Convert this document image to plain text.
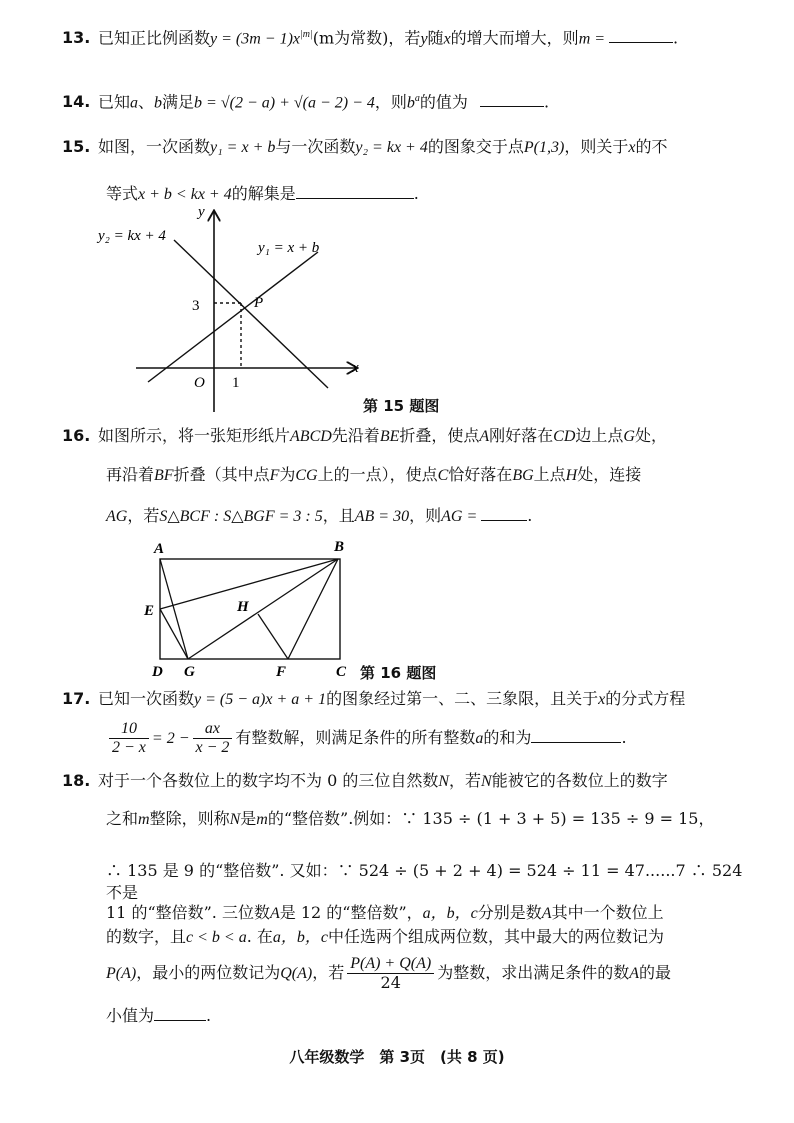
13. 已知正比例函数$y = (3m - 1)x^{|m|}(m$为常数)，若y随x的增大而增大，则m =	.
14. 已知a、b满足b = √(2 − a) + √(a − 2) − 4，则$b^a$的值为	.
15. 如图，一次函数y₁ = x + b与一次函数y₂ = kx + 4的图象交于点P(1,3)，则关于x的不
等式x + b < kx + 4的解集是	.
y
x
y₂ = kx + 4
y₁ = x + b
P
O
3
1
第 15 题图
16. 如图所示，将一张矩形纸片ABCD先沿着BE折叠，使点A刚好落在CD边上点G处，
再沿着BF折叠（其中点F为CG上的一点），使点C恰好落在BG上点H处，连接
AG，若S△BCF : S△BGF = 3 : 5，且AB = 30，则AG =	.
A	B
C
D
E
F
G
H
第 16 题图
17. 已知一次函数y = (5 − a)x + a + 1的图象经过第一、二、三象限，且关于x的分式方程
$\frac{10}{2 - x} = 2 - \frac{ax}{x - 2}$ 有整数解，则满足条件的所有整数a的和为	.
18. 对于一个各数位上的数字均不为 0 的三位自然数N，若N能被它的各数位上的数字
之和m整除，则称N是m的“整倍数”.例如：∵ 135 ÷ (1 + 3 + 5) = 135 ÷ 9 = 15，
∴ 135 是 9 的“整倍数”. 又如：∵ 524 ÷ (5 + 2 + 4) = 524 ÷ 11 = 47......7 ∴ 524 不是
11 的“整倍数”. 三位数A是 12 的“整倍数”，a，b，c分别是数A其中一个数位上
的数字，且c < b < a. 在a，b，c中任选两个组成两位数，其中最大的两位数记为
P(A)，最小的两位数记为Q(A)，若 $\frac{P(A) + Q(A)}{24}$ 为整数，求出满足条件的数A的最
小值为	.
八年级数学　第 3页　(共 8 页)
